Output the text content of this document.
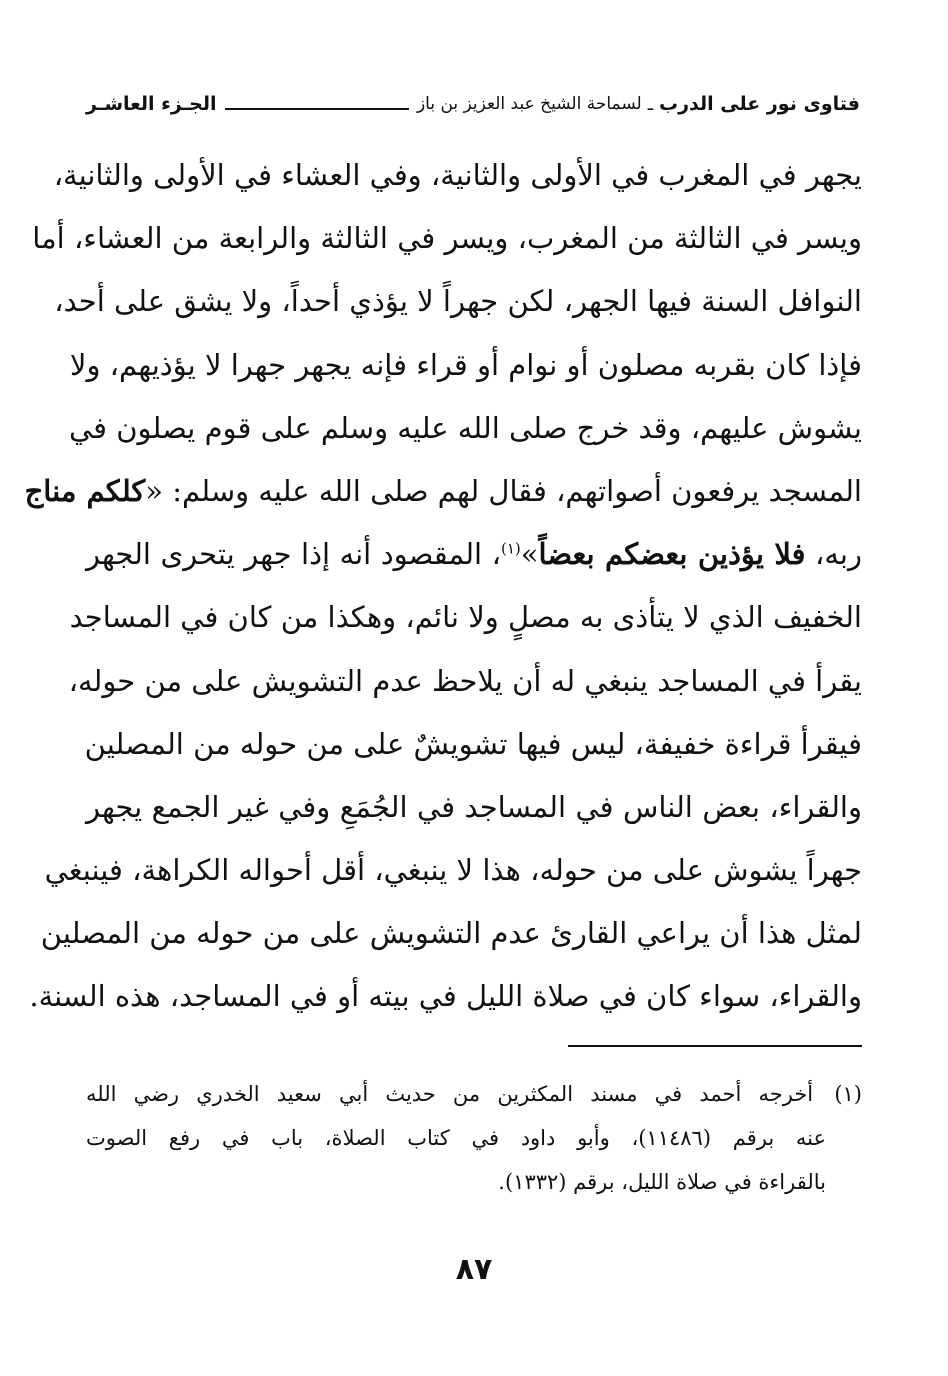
فتاوى نور على الدرب
ـ
لسماحة الشيخ عبد العزيز بن باز
الجـزء العاشـر
يجهر في المغرب في الأولى والثانية، وفي العشاء في الأولى والثانية،
ويسر في الثالثة من المغرب، ويسر في الثالثة والرابعة من العشاء، أما
النوافل السنة فيها الجهر، لكن جهراً لا يؤذي أحداً، ولا يشق على أحد،
فإذا كان بقربه مصلون أو نوام أو قراء فإنه يجهر جهرا لا يؤذيهم، ولا
يشوش عليهم، وقد خرج صلى الله عليه وسلم على قوم يصلون في
المسجد يرفعون أصواتهم، فقال لهم صلى الله عليه وسلم: «كلكم مناج
ربه، فلا يؤذين بعضكم بعضاً»$^{(١)}$، المقصود أنه إذا جهر يتحرى الجهر
الخفيف الذي لا يتأذى به مصلٍ ولا نائم، وهكذا من كان في المساجد
يقرأ في المساجد ينبغي له أن يلاحظ عدم التشويش على من حوله،
فيقرأ قراءة خفيفة، ليس فيها تشويشٌ على من حوله من المصلين
والقراء، بعض الناس في المساجد في الجُمَعِ وفي غير الجمع يجهر
جهراً يشوش على من حوله، هذا لا ينبغي، أقل أحواله الكراهة، فينبغي
لمثل هذا أن يراعي القارئ عدم التشويش على من حوله من المصلين
والقراء، سواء كان في صلاة الليل في بيته أو في المساجد، هذه السنة.
(١) أخرجه أحمد في مسند المكثرين من حديث أبي سعيد الخدري رضي الله
عنه برقم (١١٤٨٦)، وأبو داود في كتاب الصلاة، باب في رفع الصوت
بالقراءة في صلاة الليل، برقم (١٣٣٢).
٨٧
